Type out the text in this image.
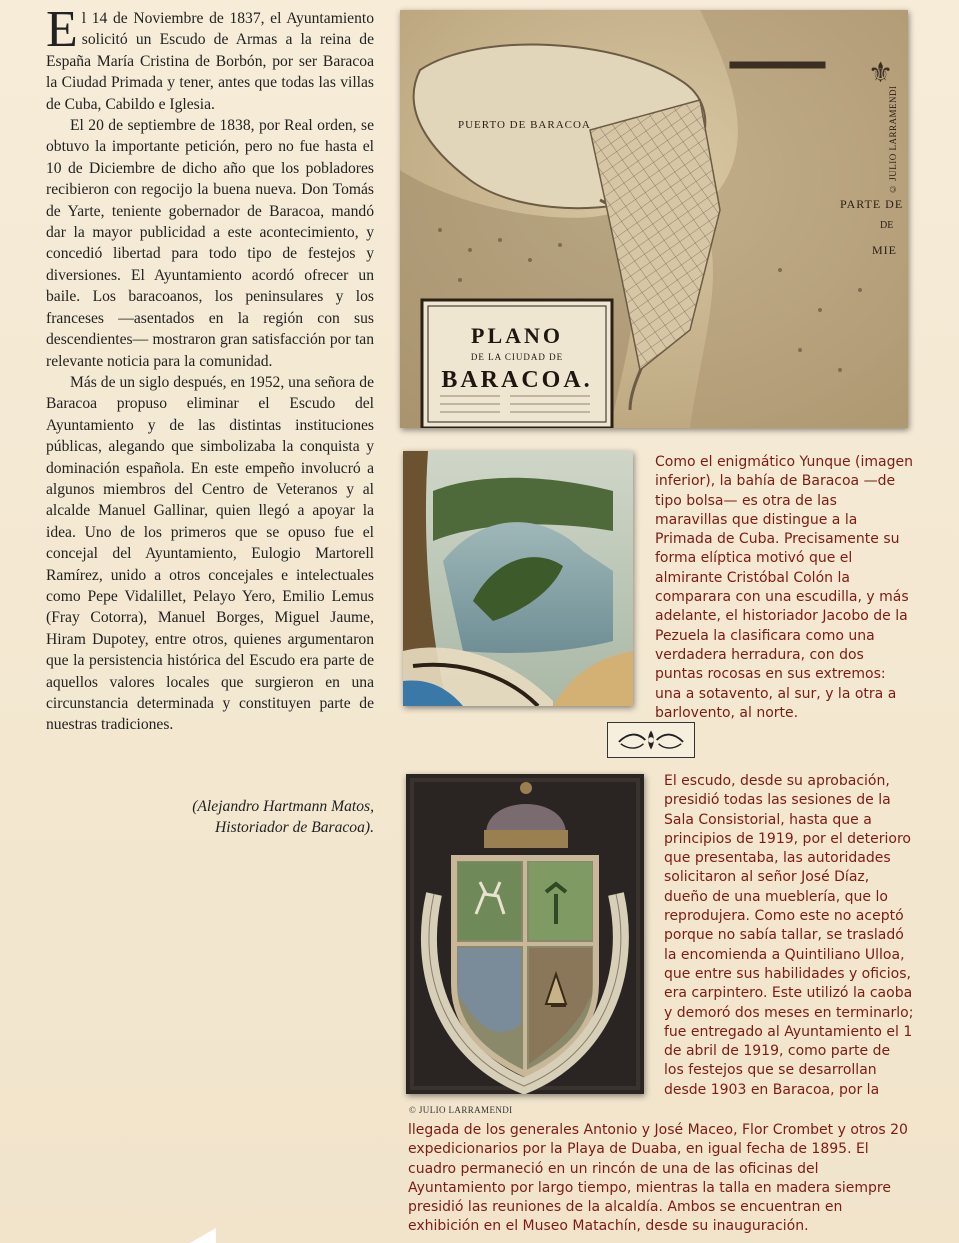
El 14 de Noviembre de 1837, el Ayuntamiento solicitó un Escudo de Armas a la reina de España María Cristina de Borbón, por ser Baracoa la Ciudad Primada y tener, antes que todas las villas de Cuba, Cabildo e Iglesia.

El 20 de septiembre de 1838, por Real orden, se obtuvo la importante petición, pero no fue hasta el 10 de Diciembre de dicho año que los pobladores recibieron con regocijo la buena nueva. Don Tomás de Yarte, teniente gobernador de Baracoa, mandó dar la mayor publicidad a este acontecimiento, y concedió libertad para todo tipo de festejos y diversiones. El Ayuntamiento acordó ofrecer un baile. Los baracoanos, los peninsulares y los franceses —asentados en la región con sus descendientes— mostraron gran satisfacción por tan relevante noticia para la comunidad.

Más de un siglo después, en 1952, una señora de Baracoa propuso eliminar el Escudo del Ayuntamiento y de las distintas instituciones públicas, alegando que simbolizaba la conquista y dominación española. En este empeño involucró a algunos miembros del Centro de Veteranos y al alcalde Manuel Gallinar, quien llegó a apoyar la idea. Uno de los primeros que se opuso fue el concejal del Ayuntamiento, Eulogio Martorell Ramírez, unido a otros concejales e intelectuales como Pepe Vidalillet, Pelayo Yero, Emilio Lemus (Fray Cotorra), Manuel Borges, Miguel Jaume, Hiram Dupotey, entre otros, quienes argumentaron que la persistencia histórica del Escudo era parte de aquellos valores locales que surgieron en una circunstancia determinada y constituyen parte de nuestras tradiciones.

(Alejandro Hartmann Matos,
Historiador de Baracoa).
⚜
PUERTO DE BARACOA
PARTE DE
DE
MIE
PLANO
DE LA CIUDAD DE
BARACOA.
© JULIO LARRAMENDI
Como el enigmático Yunque (imagen inferior), la bahía de Baracoa —de tipo bolsa— es otra de las maravillas que distingue a la Primada de Cuba. Precisamente su forma elíptica motivó que el almirante Cristóbal Colón la comparara con una escudilla, y más adelante, el historiador Jacobo de la Pezuela la clasificara como una verdadera herradura, con dos puntas rocosas en sus extremos: una a sotavento, al sur, y la otra a barlovento, al norte.
© JULIO LARRAMENDI
El escudo, desde su aprobación, presidió todas las sesiones de la Sala Consistorial, hasta que a principios de 1919, por el deterioro que presentaba, las autoridades solicitaron al señor José Díaz, dueño de una mueblería, que lo reprodujera. Como este no aceptó porque no sabía tallar, se trasladó la encomienda a Quintiliano Ulloa, que entre sus habilidades y oficios, era carpintero. Este utilizó la caoba y demoró dos meses en terminarlo; fue entregado al Ayuntamiento el 1 de abril de 1919, como parte de los festejos que se desarrollan desde 1903 en Baracoa, por la
llegada de los generales Antonio y José Maceo, Flor Crombet y otros 20 expedicionarios por la Playa de Duaba, en igual fecha de 1895. El cuadro permaneció en un rincón de una de las oficinas del Ayuntamiento por largo tiempo, mientras la talla en madera siempre presidió las reuniones de la alcaldía. Ambos se encuentran en exhibición en el Museo Matachín, desde su inauguración.
